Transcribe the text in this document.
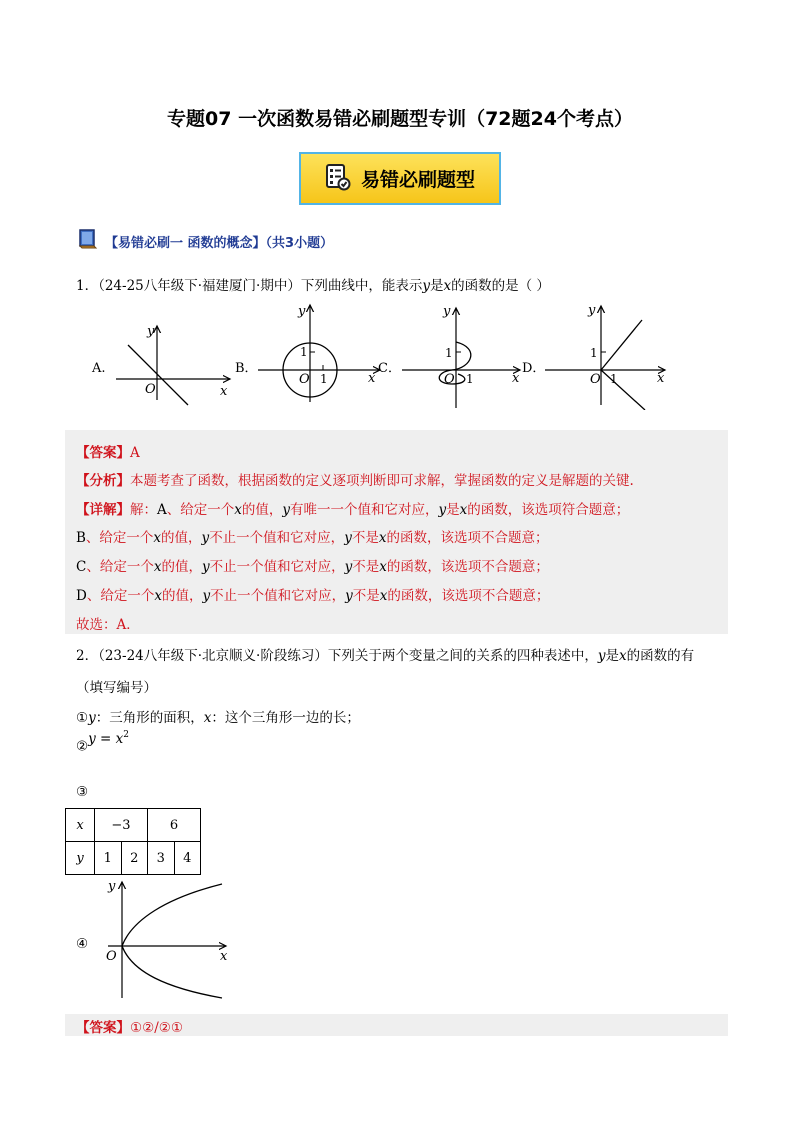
专题07 一次函数易错必刷题型专训（72题24个考点）
易错必刷题型
【易错必刷一 函数的概念】（共3小题）
1．（24-25八年级下·福建厦门·期中）下列曲线中，能表示y是x的函数的是（ ）
A.
x
y
O
B．
1
1
O	x
y
C．
1
1
O	x
y
D．
1
1
O	x
y
【答案】A
【分析】本题考查了函数，根据函数的定义逐项判断即可求解，掌握函数的定义是解题的关键.
【详解】解：A、给定一个x的值，y有唯一一个值和它对应，y是x的函数，该选项符合题意；
B、给定一个x的值，y不止一个值和它对应，y不是x的函数，该选项不合题意；
C、给定一个x的值，y不止一个值和它对应，y不是x的函数，该选项不合题意；
D、给定一个x的值，y不止一个值和它对应，y不是x的函数，该选项不合题意；
故选：A．
2．（23-24八年级下·北京顺义·阶段练习）下列关于两个变量之间的关系的四种表述中，y是x的函数的有
（填写编号）
①y：三角形的面积，x：这个三角形一边的长；
②y = $x^2$
③
x	−3		6	
y	1	2	3	4
④
y
x
O
【答案】①②/②①
